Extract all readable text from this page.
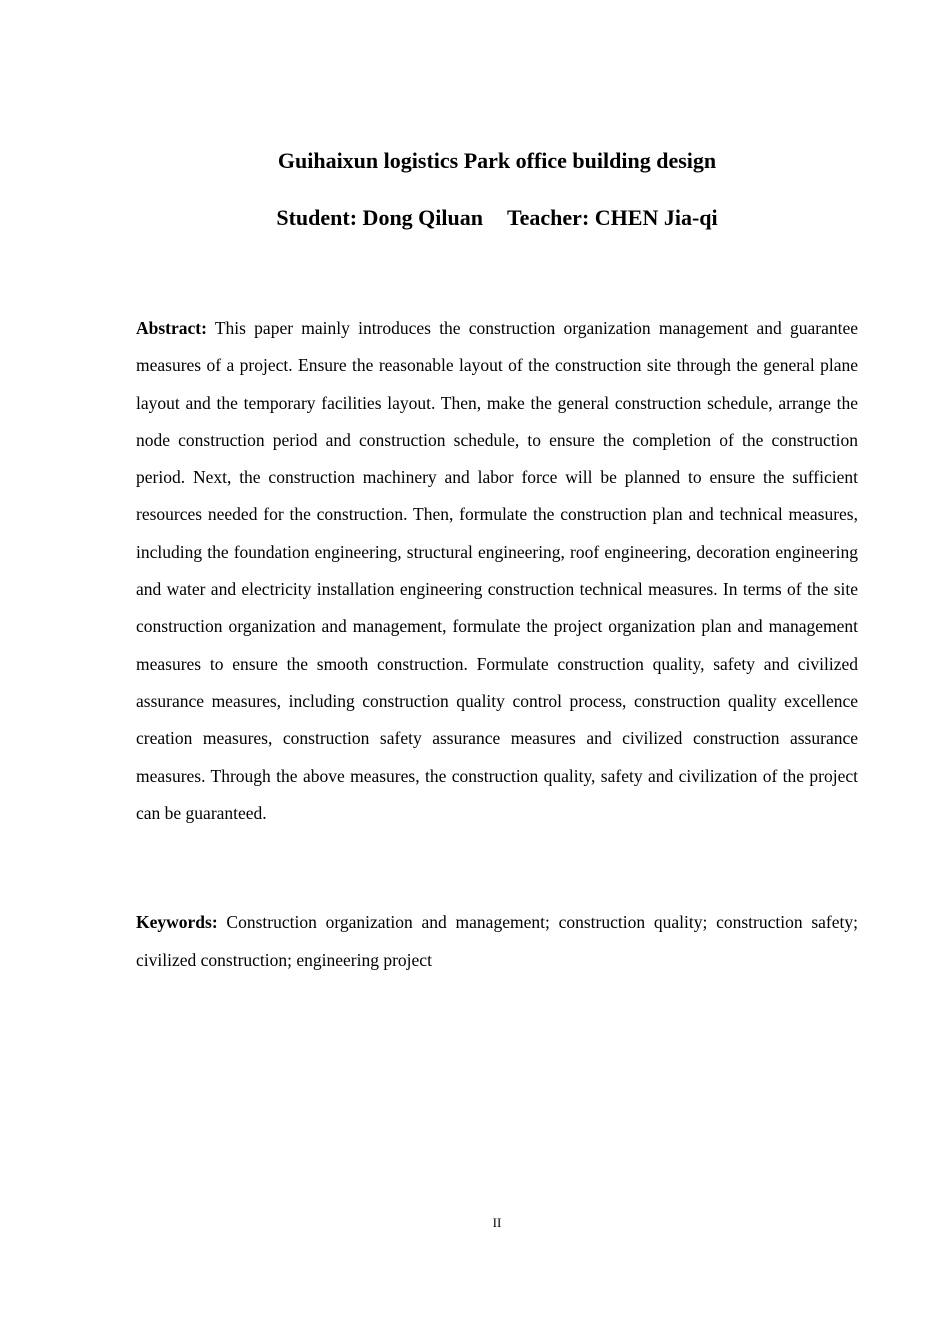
Guihaixun logistics Park office building design
Student: Dong Qiluan Teacher: CHEN Jia-qi

Abstract: This paper mainly introduces the construction organization management and guarantee measures of a project. Ensure the reasonable layout of the construction site through the general plane layout and the temporary facilities layout. Then, make the general construction schedule, arrange the node construction period and construction schedule, to ensure the completion of the construction period. Next, the construction machinery and labor force will be planned to ensure the sufficient resources needed for the construction. Then, formulate the construction plan and technical measures, including the foundation engineering, structural engineering, roof engineering, decoration engineering and water and electricity installation engineering construction technical measures. In terms of the site construction organization and management, formulate the project organization plan and management measures to ensure the smooth construction. Formulate construction quality, safety and civilized assurance measures, including construction quality control process, construction quality excellence creation measures, construction safety assurance measures and civilized construction assurance measures. Through the above measures, the construction quality, safety and civilization of the project can be guaranteed.

Keywords: Construction organization and management; construction quality; construction safety; civilized construction; engineering project

II
